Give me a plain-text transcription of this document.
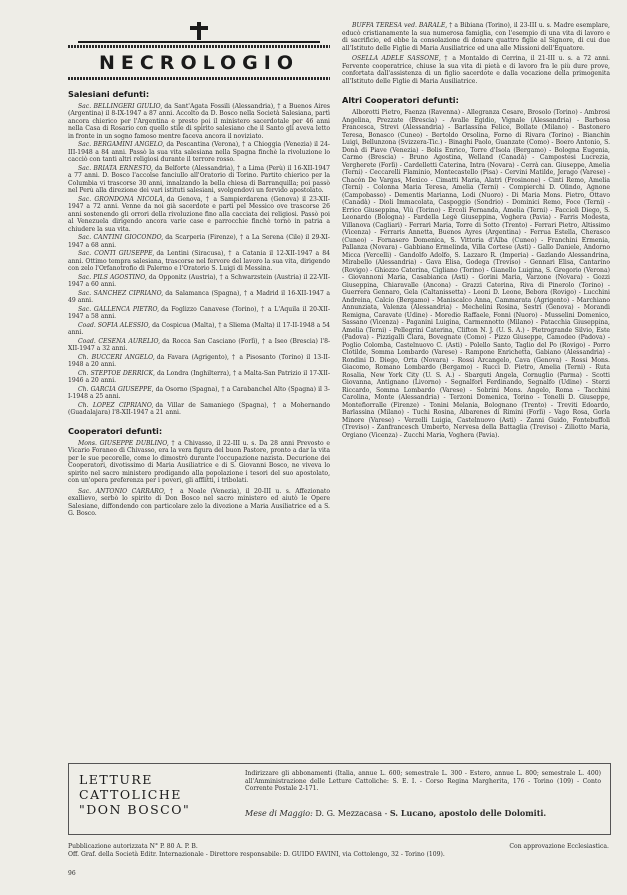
NECROLOGIO
Salesiani defunti:

Sac. BELLINGERI GIULIO, da Sant'Agata Fossili (Alessandria), † a Buenos Aires (Argentina) il 8-IX-1947 a 87 anni. Accolto da D. Bosco nella Società Salesiana, partì ancora chierico per l'Argentina e presto poi il ministero sacerdotale per 46 anni nella Casa di Rosario con quello stile di spirito salesiano che il Santo gli aveva letto in fronte in un sogno famoso mentre faceva ancora il noviziato.

Sac. BERGAMINI ANGELO, da Pescantina (Verona), † a Chioggia (Venezia) il 24-III-1948 a 84 anni. Passò la sua vita salesiana nella Spagna finchè la rivoluzione lo cacciò con tanti altri religiosi durante il terrore rosso.

Sac. BRIATA ERNESTO, da Belforte (Alessandria), † a Lima (Perù) il 16-XII-1947 a 77 anni. D. Bosco l'accolse fanciullo all'Oratorio di Torino. Partito chierico per la Columbia vi trascorse 30 anni, innalzando la bella chiesa di Barranquilla; poi passò nel Perù alla direzione dei vari istituti salesiani, svolgendovi un fervido apostolato.

Sac. GRONDONA NICOLA, da Genova, † a Sampierdarena (Genova) il 23-XII-1947 a 72 anni. Venne da noi già sacerdote e partì pel Messico ove trascorse 26 anni sostenendo gli orrori della rivoluzione fino alla cacciata dei religiosi. Passò poi al Venezuela dirigendo ancora varie case e parrocchie finchè tornò in patria a chiudere la sua vita.

Sac. CANTINI GIOCONDO, da Scarperia (Firenze), † a La Serena (Cile) il 29-XI-1947 a 68 anni.

Sac. CONTI GIUSEPPE, da Lentini (Siracusa), † a Catania il 12-XII-1947 a 84 anni. Ottimo tempra salesiana, trascorse nel fervore del lavoro la sua vita, dirigendo con zelo l'Orfanotrofio di Palermo e l'Oratorio S. Luigi di Messina.

Sac. PILS AGOSTINO, da Opponitz (Austria), † a Schwarzstein (Austria) il 22-VII-1947 a 60 anni.

Sac. SANCHEZ CIPRIANO, da Salamanca (Spagna), † a Madrid il 16-XII-1947 a 49 anni.

Sac. GALLENCA PIETRO, da Foglizzo Canavese (Torino), † a L'Aquila il 20-XII-1947 a 58 anni.

Coad. SOFIA ALESSIO, da Cospicua (Malta), † a Sliema (Malta) il 17-II-1948 a 54 anni.

Coad. CESENA AURELIO, da Rocca San Casciano (Forlì), † a Iseo (Brescia) l'8-XII-1947 a 32 anni.

Ch. BUCCERI ANGELO, da Favara (Agrigento), † a Pisosanto (Torino) il 13-II-1948 a 20 anni.

Ch. STEPTOE DERRICK, da Londra (Inghilterra), † a Malta-San Patrizio il 17-XII-1946 a 20 anni.

Ch. GARCIA GIUSEPPE, da Osorno (Spagna), † a Carabanchel Alto (Spagna) il 3-I-1948 a 25 anni.

Ch. LOPEZ CIPRIANO, da Villar de Samaniego (Spagna), † a Mohernando (Guadalajara) l'8-XII-1947 a 21 anni.

Cooperatori defunti:

Mons. GIUSEPPE DUBLINO, † a Chivasso, il 22-III u. s. Da 28 anni Prevosto e Vicario Foraneo di Chivasso, era la vera figura del buon Pastore, pronto a dar la vita per le sue pecorelle, come lo dimostrò durante l'occupazione nazista. Decurione dei Cooperatori, divotissimo di Maria Ausiliatrice e di S. Giovanni Bosco, ne viveva lo spirito nel sacro ministero prodigando alla popolazione i tesori del suo apostolato, con un'opera preferenza per i poveri, gli afflitti, i tribolati.

Sac. ANTONIO CARRARO, † a Noale (Venezia), il 20-III u. s. Affezionato exallievo, serbò lo spirito di Don Bosco nel sacro ministero ed aiutò le Opere Salesiane, diffondendo con particolare zelo la divozione a Maria Ausiliatrice ed a S. G. Bosco.

BUFFA TERESA ved. BARALE, † a Bibiana (Torino), il 23-III u. s. Madre esemplare, educò cristianamente la sua numerosa famiglia, con l'esempio di una vita di lavoro e di sacrificio, ed ebbe la consolazione di donare quattro figlie al Signore, di cui due all'Istituto delle Figlie di Maria Ausiliatrice ed una alle Missioni dell'Equatore.

OSELLA ADELE SASSONE, † a Montaldo di Cerrina, il 21-III u. s. a 72 anni. Fervente cooperatrice, chiuse la sua vita di pietà e di lavoro fra le più dure prove, confortata dall'assistenza di un figlio sacerdote e dalla vocazione della primogenita all'Istituto delle Figlie di Maria Ausiliatrice.

Altri Cooperatori defunti:

Alborotti Pietro, Faenza (Ravenna) - Allegranza Cesare, Brosolo (Torino) - Ambrosi Angelina, Prezzate (Brescia) - Avalle Egidio, Vignale (Alessandria) - Barbosa Francesca, Strevi (Alessandria) - Barlassina Felice, Bollate (Milano) - Bastonero Teresa, Bonasco (Cuneo) - Bertoldo Orsolina, Forno di Rivara (Torino) - Bianchin Luigi, Bellunzona (Svizzera-Tic.) - Binaghi Paolo, Guanzate (Como) - Boero Antonio, S. Donà di Piave (Venezia) - Bolis Enrico, Torre d'Isola (Bergamo) - Bologna Eugenia, Carmo (Brescia) - Bruno Agostina, Welland (Canadà) - Campostesi Lucrezia, Vergherete (Forlì) - Cardelletti Caterina, Intra (Novara) - Cerrà can. Giuseppe, Amelia (Terni) - Ceccarelli Flaminio, Montecastello (Pisa) - Cervini Matilde, Jerago (Varese) - Chacón De Vargas, Mexico - Cimatti Maria, Alatri (Frosinone) - Cinti Remo, Amelia (Terni) - Colonna Maria Teresa, Amelia (Terni) - Compierchi D. Olindo, Agnone (Campobasso) - Dementis Marianna, Lodi (Nuoro) - Di Maria Mons. Pietro, Ottavo (Canadà) - Dioli Immacolata, Caspoggio (Sondrio) - Dominici Remo, Foce (Terni) - Errico Giuseppina, Viù (Torino) - Ercoli Fernanda, Amelia (Terni) - Faccioli Diego, S. Leonardo (Bologna) - Fardella Legè Giuseppina, Voghera (Pavia) - Farris Modesta, Villanova (Cagliari) - Ferrari Maria, Torre di Sotto (Trento) - Ferrari Pietro, Altissimo (Vicenza) - Ferraris Annetta, Buenos Ayres (Argentina) - Ferrua Estella, Cherasco (Cuneo) - Fornasero Domenica, S. Vittoria d'Alba (Cuneo) - Franchini Ermenia, Pallanza (Novara) - Gabbiano Ermelinda, Villa Cortese (Asti) - Gallo Daniele, Andorno Micca (Vercelli) - Gandolfo Adolfo, S. Lazzaro R. (Imperia) - Gazlando Alessandrina, Mirabello (Alessandria) - Gava Elisa, Godega (Treviso) - Gennari Elisa, Cantarino (Rovigo) - Ghiozzo Caterina, Cigliano (Torino) - Gianello Luigina, S. Gregorio (Verona) - Giovannoni Maria, Casabianca (Asti) - Gorini Maria, Varzone (Novara) - Gozzi Giuseppina, Chiaravalle (Ancona) - Grazzi Caterina, Riva di Pinerolo (Torino) - Guerrera Gennaro, Gela (Caltanissetta) - Leoni D. Leone, Bebora (Rovigo) - Lucchini Andreina, Calcio (Bergamo) - Maniscalco Anna, Cammarata (Agrigento) - Marchiano Annunziata, Valenza (Alessandria) - Mechelini Rosina, Sestri (Genova) - Morandi Remigna, Caravate (Udine) - Moredio Raffaele, Fonni (Nuoro) - Musselini Domenico, Sassano (Vicenza) - Paganini Luigina, Carmennotto (Milano) - Patacchia Giuseppina, Amelia (Terni) - Pellegrini Caterina, Clifton N. J. (U. S. A.) - Pietrogrande Silvio, Este (Padova) - Pizzigalli Clara, Bovegnate (Como) - Pizzo Giuseppe, Camodeo (Padova) - Poglio Colomba, Castelnuovo C. (Asti) - Polello Santo, Taglio del Po (Rovigo) - Porro Clotilde, Somma Lombardo (Varese) - Rampone Enrichetta, Gabiano (Alessandria) - Rondini D. Diego, Orta (Novara) - Rossi Arcangelo, Cava (Genova) - Rossi Mons. Giacomo, Romano Lombardo (Bergamo) - Rucci D. Pietro, Amelia (Terni) - Ruta Rosalia, New York City (U. S. A.) - Sbarguti Angela, Cornuglio (Parma) - Scotti Giovanna, Antignano (Livorno) - Segnalfori Ferdinando, Segnalfo (Udine) - Sterzi Riccardo, Somma Lombardo (Varese) - Sobrini Mons. Angelo, Roma - Tacchini Carolina, Monte (Alessandria) - Terzoni Domenica, Torino - Tonelli D. Giuseppe, Montefiorralle (Firenze) - Tonini Melania, Bolognano (Trento) - Treviti Edoardo, Barlassina (Milano) - Tuchi Rosina, Albarenes di Rimini (Forlì) - Vago Rosa, Gorla Minore (Varese) - Verzelli Luigia, Castelnuovo (Asti) - Zanni Guido, Fontebuffoli (Treviso) - Zanfrancesch Umberto, Nervesa della Battaglia (Treviso) - Ziliotto Maria, Orgiano (Vicenza) - Zucchi Maria, Voghera (Pavia).

LETTURE
CATTOLICHE
"DON BOSCO"
Indirizzare gli abbonamenti (Italia, annue L. 600; semestrale L. 300 - Estero, annue L. 800; semestrale L. 400) all'Amministrazione delle Letture Cattoliche: S. E. I. - Corso Regina Margherita, 176 - Torino (109) - Conto Corrente Postale 2-171.
Mese di Maggio: D. G. Mezzacasa - S. Lucano, apostolo delle Dolomiti.
Pubblicazione autorizzata N° P. 80 A. P. B.	Con approvazione Ecclesiastica.
Off. Graf. della Società Editr. Internazionale - Direttore responsabile: D. GUIDO FAVINI, via Cottolengo, 32 - Torino (109).
96
